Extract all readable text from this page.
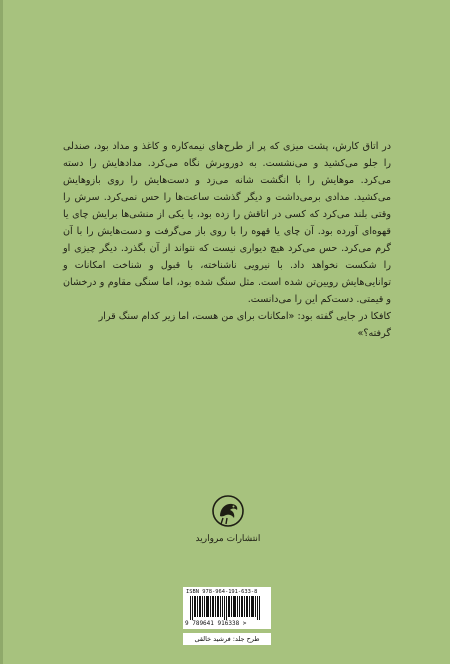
در اتاق کارش، پشت میزی که پر از طرح‌های نیمه‌کاره و کاغذ و مداد بود، صندلی را جلو می‌کشید و می‌نشست. به دوروبرش نگاه می‌کرد. مدادهایش را دسته می‌کرد. موهایش را با انگشت شانه می‌زد و دست‌هایش را روی بازوهایش می‌کشید. مدادی برمی‌داشت و دیگر گذشت ساعت‌ها را حس نمی‌کرد. سرش را وقتی بلند می‌کرد که کسی در اتاقش را زده بود، یا یکی از منشی‌ها برایش چای یا قهوه‌ای آورده بود. آن چای یا قهوه را با روی باز می‌گرفت و دست‌هایش را با آن گرم می‌کرد. حس می‌کرد هیچ دیواری نیست که نتواند از آن بگذرد. دیگر چیزی او را شکست نخواهد داد. با نیرویی ناشناخته، با قبول و شناخت امکانات و توانایی‌هایش رویین‌تن شده است. مثل سنگ شده بود، اما سنگی مقاوم و درخشان و قیمتی. دست‌کم این را می‌دانست.

کافکا در جایی گفته بود: «امکانات برای من هست، اما زیر کدام سنگ قرار گرفته؟»

انتشارات مروارید
ISBN 978-964-191-633-8
9 789641 916338 >
طرح جلد: فرشید خالقی
